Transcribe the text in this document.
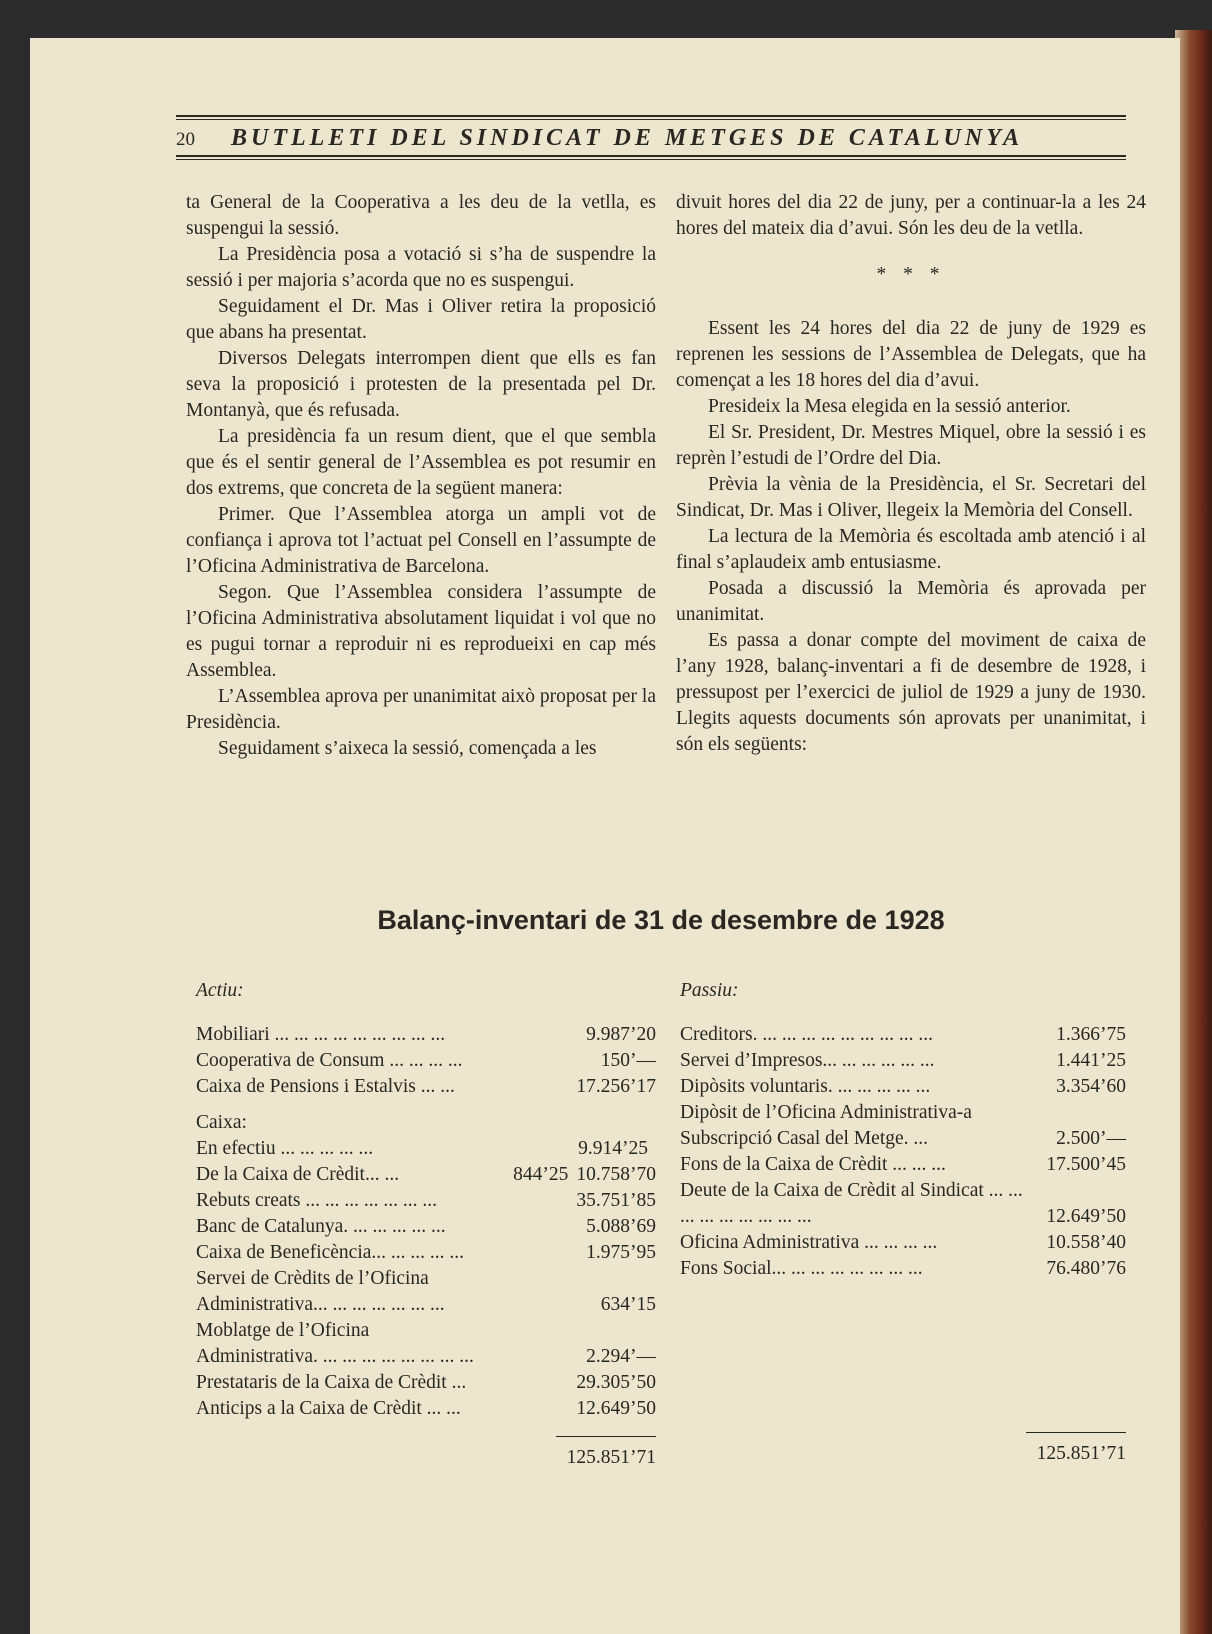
20 BUTLLETI DEL SINDICAT DE METGES DE CATALUNYA

ta General de la Cooperativa a les deu de la vetlla, es suspengui la sessió.

La Presidència posa a votació si s’ha de suspendre la sessió i per majoria s’acorda que no es suspengui.

Seguidament el Dr. Mas i Oliver retira la proposició que abans ha presentat.

Diversos Delegats interrompen dient que ells es fan seva la proposició i protesten de la presentada pel Dr. Montanyà, que és refusada.

La presidència fa un resum dient, que el que sembla que és el sentir general de l’Assemblea es pot resumir en dos extrems, que concreta de la següent manera:

Primer. Que l’Assemblea atorga un ampli vot de confiança i aprova tot l’actuat pel Consell en l’assumpte de l’Oficina Administrativa de Barcelona.

Segon. Que l’Assemblea considera l’assumpte de l’Oficina Administrativa absolutament liquidat i vol que no es pugui tornar a reproduir ni es reprodueixi en cap més Assemblea.

L’Assemblea aprova per unanimitat això proposat per la Presidència.

Seguidament s’aixeca la sessió, començada a les

divuit hores del dia 22 de juny, per a continuar-la a les 24 hores del mateix dia d’avui. Són les deu de la vetlla.

* * *

Essent les 24 hores del dia 22 de juny de 1929 es reprenen les sessions de l’Assemblea de Delegats, que ha començat a les 18 hores del dia d’avui.

Presideix la Mesa elegida en la sessió anterior.

El Sr. President, Dr. Mestres Miquel, obre la sessió i es reprèn l’estudi de l’Ordre del Dia.

Prèvia la vènia de la Presidència, el Sr. Secretari del Sindicat, Dr. Mas i Oliver, llegeix la Memòria del Consell.

La lectura de la Memòria és escoltada amb atenció i al final s’aplaudeix amb entusiasme.

Posada a discussió la Memòria és aprovada per unanimitat.

Es passa a donar compte del moviment de caixa de l’any 1928, balanç-inventari a fi de desembre de 1928, i pressupost per l’exercici de juliol de 1929 a juny de 1930. Llegits aquests documents són aprovats per unanimitat, i són els següents:

Balanç-inventari de 31 de desembre de 1928
Actiu:
Mobiliari ... ... ... ... ... ... ... ... ...	9.987’20
Cooperativa de Consum ... ... ... ...	150’—
Caixa de Pensions i Estalvis ... ...	17.256’17
Caixa:
En efectiu ... ... ... ... ...	9.914’25
De la Caixa de Crèdit... ...	844’25 10.758’70
Rebuts creats ... ... ... ... ... ... ...	35.751’85
Banc de Catalunya. ... ... ... ... ...	5.088’69
Caixa de Beneficència... ... ... ... ...	1.975’95
Servei de Crèdits de l’Oficina Administrativa... ... ... ... ... ... ...	634’15
Moblatge de l’Oficina Administrativa. ... ... ... ... ... ... ... ...	2.294’—
Prestataris de la Caixa de Crèdit ...	29.305’50
Anticips a la Caixa de Crèdit ... ...	12.649’50
125.851’71
Passiu:
Creditors. ... ... ... ... ... ... ... ... ...	1.366’75
Servei d’Impresos... ... ... ... ... ...	1.441’25
Dipòsits voluntaris. ... ... ... ... ...	3.354’60
Dipòsit de l’Oficina Administrativa-a Subscripció Casal del Metge. ...	2.500’—
Fons de la Caixa de Crèdit ... ... ...	17.500’45
Deute de la Caixa de Crèdit al Sindicat ... ... ... ... ... ... ... ... ...	12.649’50
Oficina Administrativa ... ... ... ...	10.558’40
Fons Social... ... ... ... ... ... ... ...	76.480’76
125.851’71
